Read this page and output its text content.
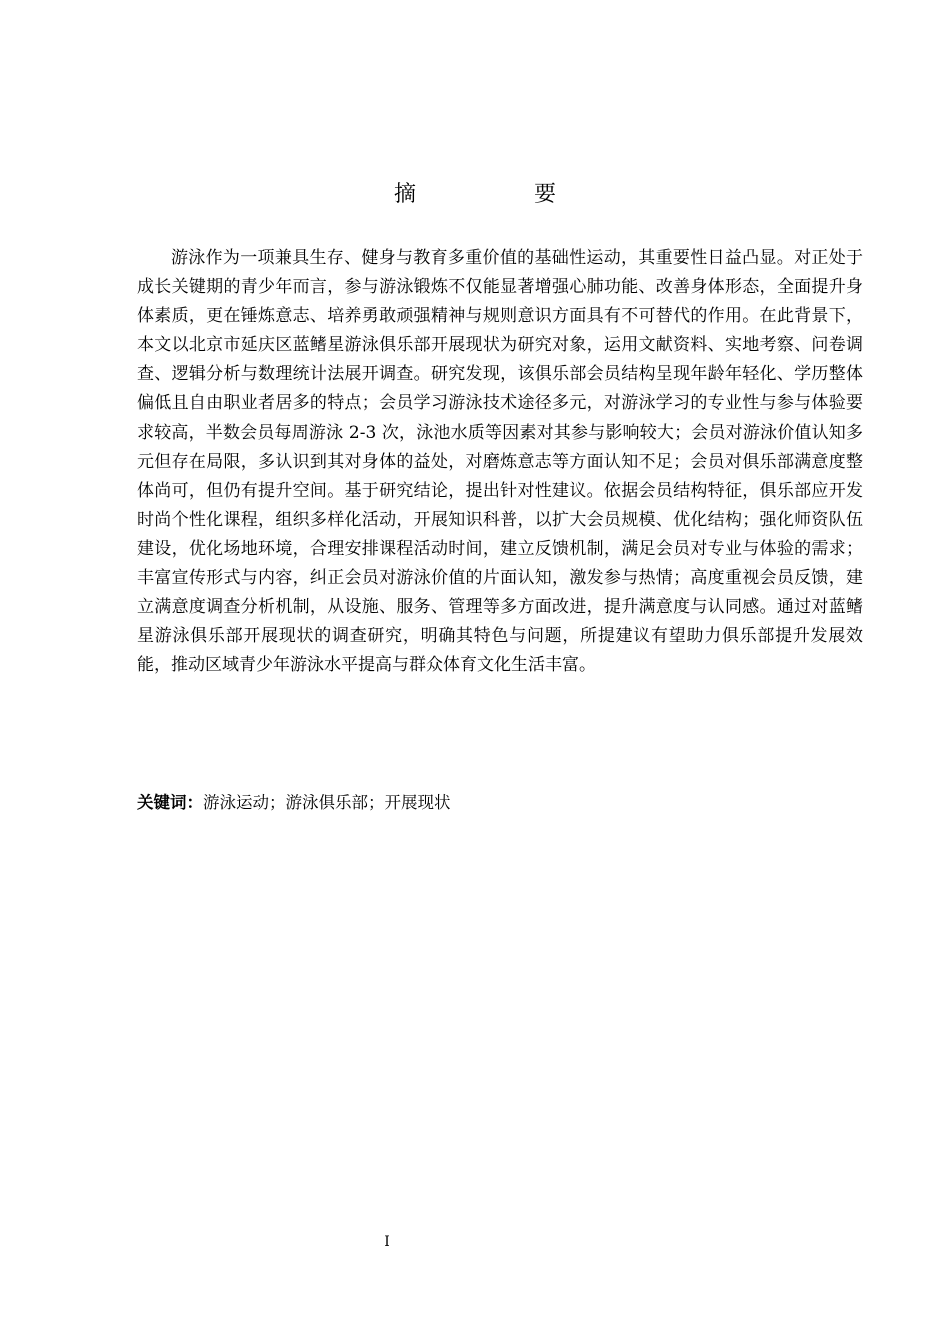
摘　要

游泳作为一项兼具生存、健身与教育多重价值的基础性运动，其重要性日益凸显。对正处于成长关键期的青少年而言，参与游泳锻炼不仅能显著增强心肺功能、改善身体形态，全面提升身体素质，更在锤炼意志、培养勇敢顽强精神与规则意识方面具有不可替代的作用。在此背景下，本文以北京市延庆区蓝鳍星游泳俱乐部开展现状为研究对象，运用文献资料、实地考察、问卷调查、逻辑分析与数理统计法展开调查。研究发现，该俱乐部会员结构呈现年龄年轻化、学历整体偏低且自由职业者居多的特点；会员学习游泳技术途径多元，对游泳学习的专业性与参与体验要求较高，半数会员每周游泳 2-3 次，泳池水质等因素对其参与影响较大；会员对游泳价值认知多元但存在局限，多认识到其对身体的益处，对磨炼意志等方面认知不足；会员对俱乐部满意度整体尚可，但仍有提升空间。基于研究结论，提出针对性建议。依据会员结构特征，俱乐部应开发时尚个性化课程，组织多样化活动，开展知识科普，以扩大会员规模、优化结构；强化师资队伍建设，优化场地环境，合理安排课程活动时间，建立反馈机制，满足会员对专业与体验的需求；丰富宣传形式与内容，纠正会员对游泳价值的片面认知，激发参与热情；高度重视会员反馈，建立满意度调查分析机制，从设施、服务、管理等多方面改进，提升满意度与认同感。通过对蓝鳍星游泳俱乐部开展现状的调查研究，明确其特色与问题，所提建议有望助力俱乐部提升发展效能，推动区域青少年游泳水平提高与群众体育文化生活丰富。

关键词：游泳运动；游泳俱乐部；开展现状
I
